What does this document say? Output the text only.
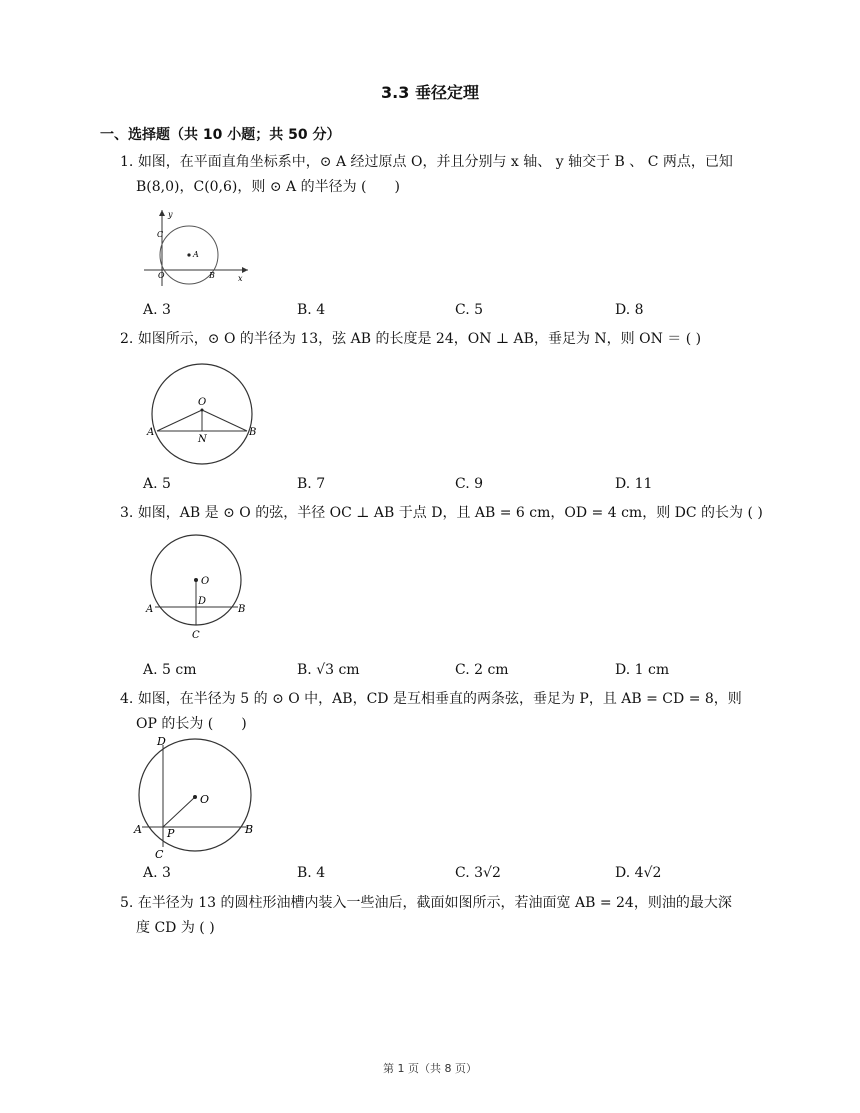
3.3 垂径定理
一、选择题（共 10 小题；共 50 分）
1. 如图，在平面直角坐标系中，⊙ A 经过原点 O，并且分别与 x 轴、 y 轴交于 B 、 C 两点，已知
B(8,0)，C(0,6)，则 ⊙ A 的半径为 (　　)
y
x
C
A
O	B
A. 3	B. 4	C. 5	D. 8
2. 如图所示，⊙ O 的半径为 13，弦 AB 的长度是 24，ON ⊥ AB，垂足为 N，则 ON ＝ ( )
O
A
N
B
A. 5	B. 7	C. 9	D. 11
3. 如图，AB 是 ⊙ O 的弦，半径 OC ⊥ AB 于点 D，且 AB = 6 cm，OD = 4 cm，则 DC 的长为 ( )
O
D
A	B
C
A. 5 cm	B. √3 cm	C. 2 cm	D. 1 cm
4. 如图，在半径为 5 的 ⊙ O 中，AB，CD 是互相垂直的两条弦，垂足为 P，且 AB = CD = 8，则
OP 的长为 (　　)
D
O
A P	B
C
A. 3	B. 4	C. 3√2	D. 4√2
5. 在半径为 13 的圆柱形油槽内装入一些油后，截面如图所示，若油面宽 AB = 24，则油的最大深
度 CD 为 ( )
第 1 页（共 8 页）
